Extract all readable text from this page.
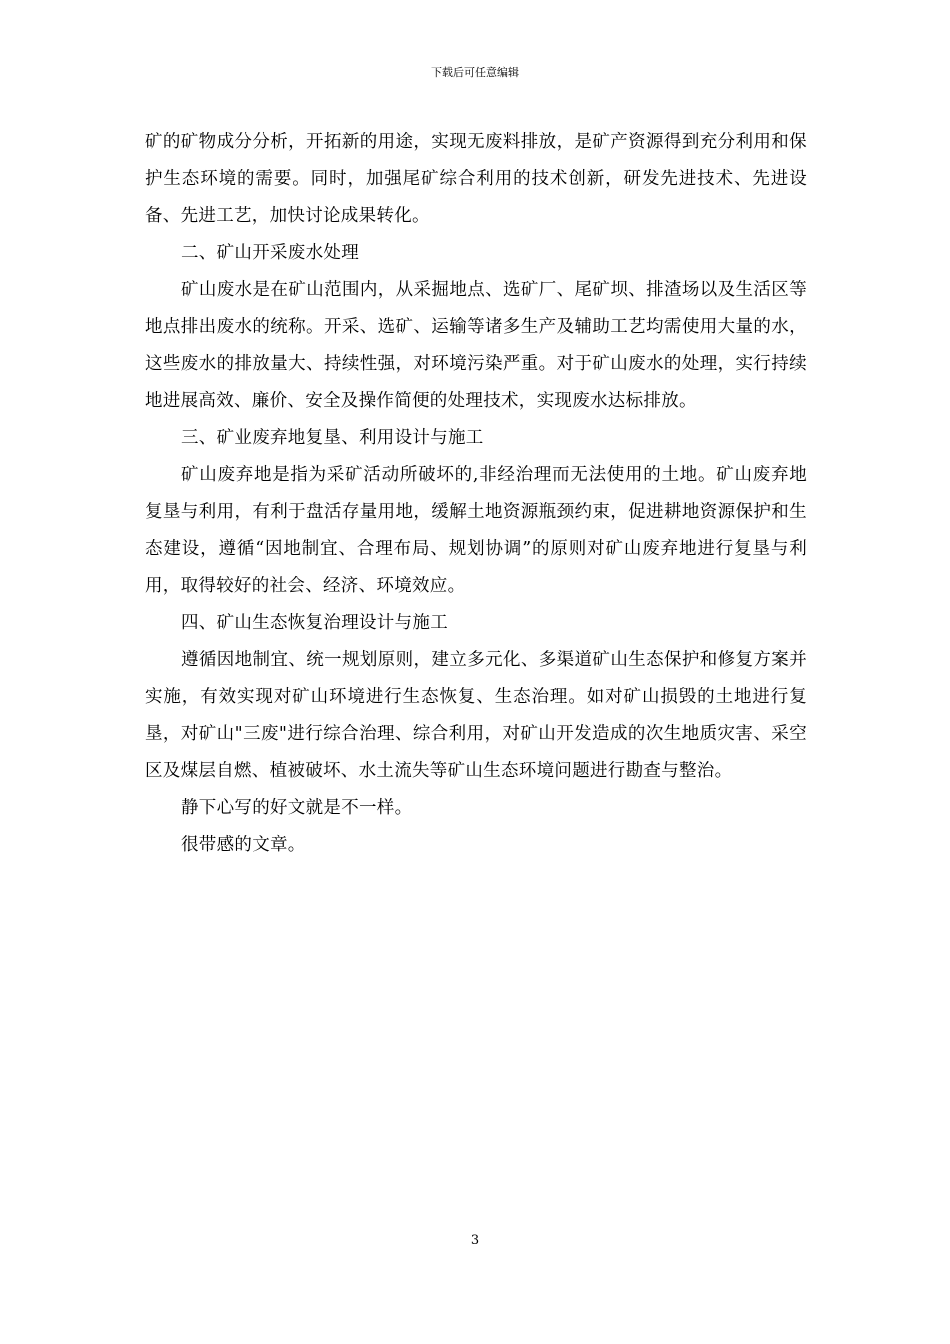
下载后可任意编辑

矿的矿物成分分析，开拓新的用途，实现无废料排放，是矿产资源得到充分利用和保护生态环境的需要。同时，加强尾矿综合利用的技术创新，研发先进技术、先进设备、先进工艺，加快讨论成果转化。

二、矿山开采废水处理

矿山废水是在矿山范围内，从采掘地点、选矿厂、尾矿坝、排渣场以及生活区等地点排出废水的统称。开采、选矿、运输等诸多生产及辅助工艺均需使用大量的水，这些废水的排放量大、持续性强，对环境污染严重。对于矿山废水的处理，实行持续地进展高效、廉价、安全及操作简便的处理技术，实现废水达标排放。

三、矿业废弃地复垦、利用设计与施工

矿山废弃地是指为采矿活动所破坏的,非经治理而无法使用的土地。矿山废弃地复垦与利用，有利于盘活存量用地，缓解土地资源瓶颈约束，促进耕地资源保护和生态建设，遵循“因地制宜、合理布局、规划协调”的原则对矿山废弃地进行复垦与利用，取得较好的社会、经济、环境效应。

四、矿山生态恢复治理设计与施工

遵循因地制宜、统一规划原则，建立多元化、多渠道矿山生态保护和修复方案并实施，有效实现对矿山环境进行生态恢复、生态治理。如对矿山损毁的土地进行复垦，对矿山"三废"进行综合治理、综合利用，对矿山开发造成的次生地质灾害、采空区及煤层自燃、植被破坏、水土流失等矿山生态环境问题进行勘查与整治。

静下心写的好文就是不一样。

很带感的文章。

3
